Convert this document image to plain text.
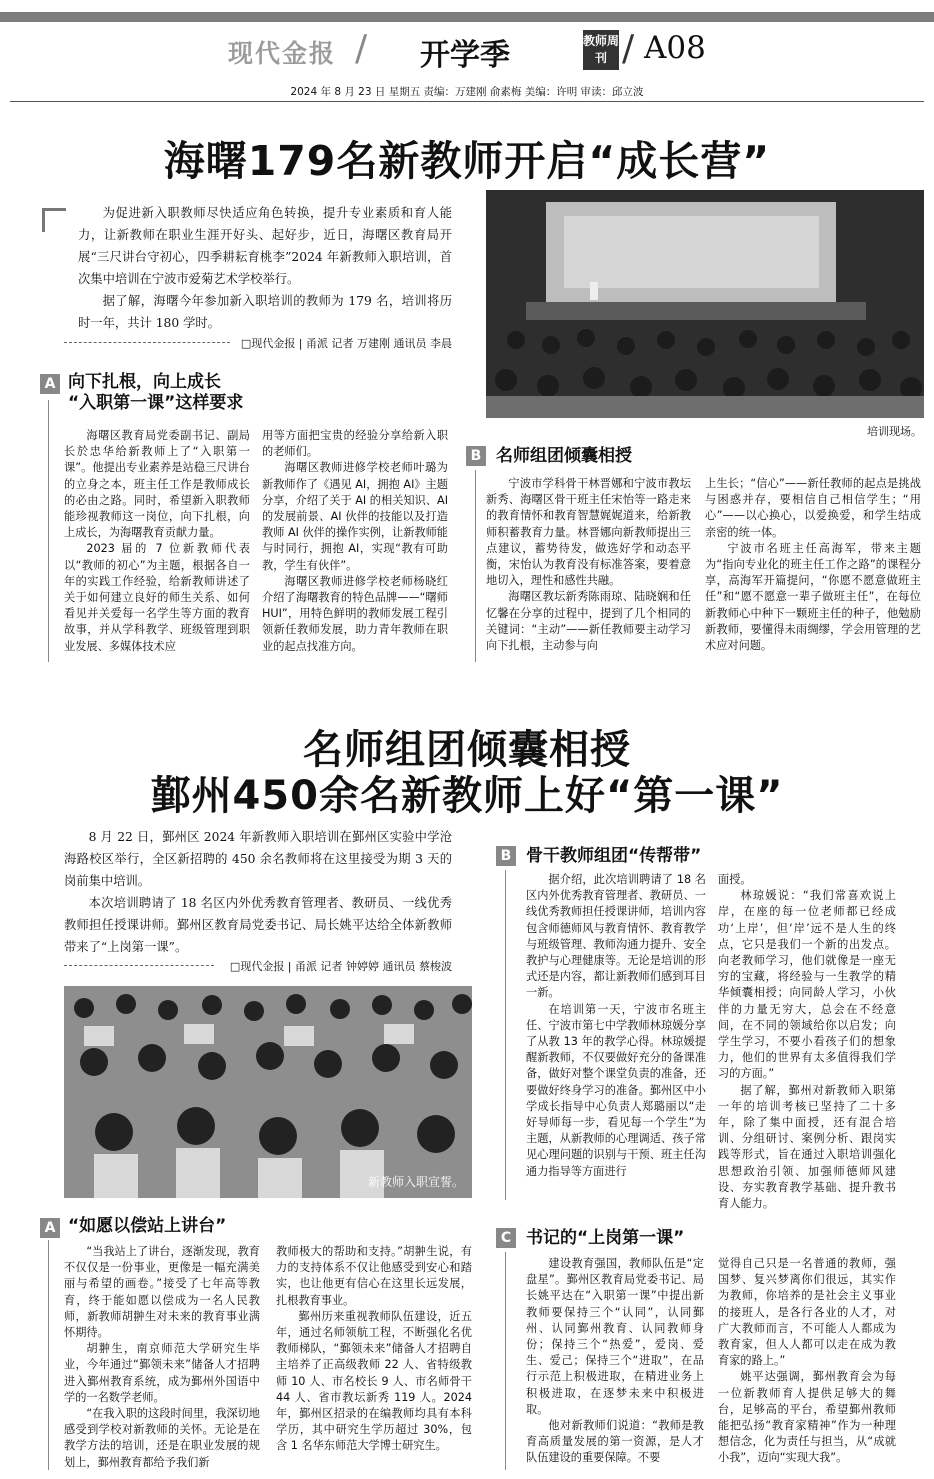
现代金报 / 开学季	教师周刊 / A08
2024 年 8 月 23 日 星期五 责编：万建刚 俞素梅 美编：许明 审读：邱立波
海曙179名新教师开启“成长营”

为促进新入职教师尽快适应角色转换，提升专业素质和育人能力，让新教师在职业生涯开好头、起好步，近日，海曙区教育局开展“三尺讲台守初心，四季耕耘育桃李”2024 年新教师入职培训，首次集中培训在宁波市爱菊艺术学校举行。

据了解，海曙今年参加新入职培训的教师为 179 名，培训将历时一年，共计 180 学时。

□现代金报 | 甬派 记者 万建刚 通讯员 李晨
培训现场。
A 向下扎根，向上成长
“入职第一课”这样要求

海曙区教育局党委副书记、副局长於忠华给新教师上了“入职第一课”。他提出专业素养是站稳三尺讲台的立身之本，班主任工作是教师成长的必由之路。同时，希望新入职教师能珍视教师这一岗位，向下扎根，向上成长，为海曙教育贡献力量。

2023 届的 7 位新教师代表以“教师的初心”为主题，根据各自一年的实践工作经验，给新教师讲述了关于如何建立良好的师生关系、如何看见并关爱每一名学生等方面的教育故事，并从学科教学、班级管理到职业发展、多媒体技术应

用等方面把宝贵的经验分享给新入职的老师们。

海曙区教师进修学校老师叶璐为新教师作了《遇见 AI，拥抱 AI》主题分享，介绍了关于 AI 的相关知识、AI 的发展前景、AI 伙伴的技能以及打造教师 AI 伙伴的操作实例，让新教师能与时同行，拥抱 AI，实现“教有可助教，学生有伙伴”。

海曙区教师进修学校老师杨晓红介绍了海曙教育的特色品牌——“曙师 HUI”，用特色鲜明的教师发展工程引领新任教师发展，助力青年教师在职业的起点找准方向。

B 名师组团倾囊相授

宁波市学科骨干林晋娜和宁波市教坛新秀、海曙区骨干班主任宋怡等一路走来的教育情怀和教育智慧娓娓道来，给新教师积蓄教育力量。林晋娜向新教师提出三点建议，蓄势待发，做选好学和动态平衡，宋怡认为教育没有标准答案，要着意地切入，理性和感性共融。

海曙区教坛新秀陈雨琼、陆晓娴和任忆馨在分享的过程中，提到了几个相同的关键词：“主动”——新任教师要主动学习向下扎根，主动参与向

上生长；“信心”——新任教师的起点是挑战与困惑并存，要相信自己相信学生；“用心”——以心换心，以爱换爱，和学生结成亲密的统一体。

宁波市名班主任高海军，带来主题为“指向专业化的班主任工作之路”的课程分享，高海军开篇提问，“你愿不愿意做班主任”和“愿不愿意一辈子做班主任”，在每位新教师心中种下一颗班主任的种子，他勉励新教师，要懂得未雨绸缪，学会用管理的艺术应对问题。

名师组团倾囊相授
鄞州450余名新教师上好“第一课”

8 月 22 日，鄞州区 2024 年新教师入职培训在鄞州区实验中学沧海路校区举行，全区新招聘的 450 余名教师将在这里接受为期 3 天的岗前集中培训。

本次培训聘请了 18 名区内外优秀教育管理者、教研员、一线优秀教师担任授课讲师。鄞州区教育局党委书记、局长姚平达给全体新教师带来了“上岗第一课”。

□现代金报 | 甬派 记者 钟婷婷 通讯员 蔡梭波
新教师入职宣誓。
A “如愿以偿站上讲台”

“当我站上了讲台，逐渐发现，教育不仅仅是一份事业，更像是一幅充满美丽与希望的画卷。”接受了七年高等教育，终于能如愿以偿成为一名人民教师，新教师胡翀生对未来的教育事业满怀期待。

胡翀生，南京师范大学研究生毕业，今年通过“鄞领未来”储备人才招聘进入鄞州教育系统，成为鄞州外国语中学的一名数学老师。

“在我入职的这段时间里，我深切地感受到学校对新教师的关怀。无论是在教学方法的培训，还是在职业发展的规划上，鄞州教育都给予我们新

教师极大的帮助和支持。”胡翀生说，有力的支持体系不仅让他感受到安心和踏实，也让他更有信心在这里长远发展，扎根教育事业。

鄞州历来重视教师队伍建设，近五年，通过名师领航工程，不断强化名优教师梯队，“鄞领未来”储备人才招聘自主培养了正高级教师 22 人、省特级教师 10 人、市名校长 9 人、市名师骨干 44 人、省市教坛新秀 119 人。2024 年，鄞州区招录的在编教师均具有本科学历，其中研究生学历超过 30%，包含 1 名华东师范大学博士研究生。

B 骨干教师组团“传帮带”

据介绍，此次培训聘请了 18 名区内外优秀教育管理者、教研员、一线优秀教师担任授课讲师，培训内容包含师德师风与教育情怀、教育教学与班级管理、教师沟通力提升、安全教护与心理健康等。无论是培训的形式还是内容，都让新教师们感到耳目一新。

在培训第一天，宁波市名班主任、宁波市第七中学教师林琼媛分享了从教 13 年的教学心得。林琼媛提醒新教师，不仅要做好充分的备课准备，做好对整个课堂负责的准备，还要做好终身学习的准备。鄞州区中小学成长指导中心负责人郑璐丽以“走好导师每一步，看见每一个学生”为主题，从新教师的心理调适、孩子常见心理问题的识别与干预、班主任沟通力指导等方面进行

面授。

林琼媛说：“我们常喜欢说上岸，在座的每一位老师都已经成功‘上岸’，但‘岸’远不是人生的终点，它只是我们一个新的出发点。向老教师学习，他们就像是一座无穷的宝藏，将经验与一生教学的精华倾囊相授；向同龄人学习，小伙伴的力量无穷大，总会在不经意间，在不同的领域给你以启发；向学生学习，不要小看孩子们的想象力，他们的世界有太多值得我们学习的方面。”

据了解，鄞州对新教师入职第一年的培训考核已坚持了二十多年，除了集中面授，还有混合培训、分组研讨、案例分析、跟岗实践等形式，旨在通过入职培训强化思想政治引领、加强师德师风建设、夯实教育教学基础、提升教书育人能力。

C 书记的“上岗第一课”

建设教育强国，教师队伍是“定盘星”。鄞州区教育局党委书记、局长姚平达在“入职第一课”中提出新教师要保持三个“认同”，认同鄞州、认同鄞州教育、认同教师身份；保持三个“热爱”，爱岗、爱生、爱己；保持三个“进取”，在品行示范上积极进取，在精进业务上积极进取，在逐梦未来中积极进取。

他对新教师们说道：“教师是教育高质量发展的第一资源，是人才队伍建设的重要保障。不要

觉得自己只是一名普通的教师，强国梦、复兴梦离你们很远，其实作为教师，你培养的是社会主义事业的接班人，是各行各业的人才，对广大教师而言，不可能人人都成为教育家，但人人都可以走在成为教育家的路上。”

姚平达强调，鄞州教育会为每一位新教师育人提供足够大的舞台，足够高的平台，希望鄞州教师能把弘扬“教育家精神”作为一种理想信念，化为责任与担当，从“成就小我”，迈向“实现大我”。
